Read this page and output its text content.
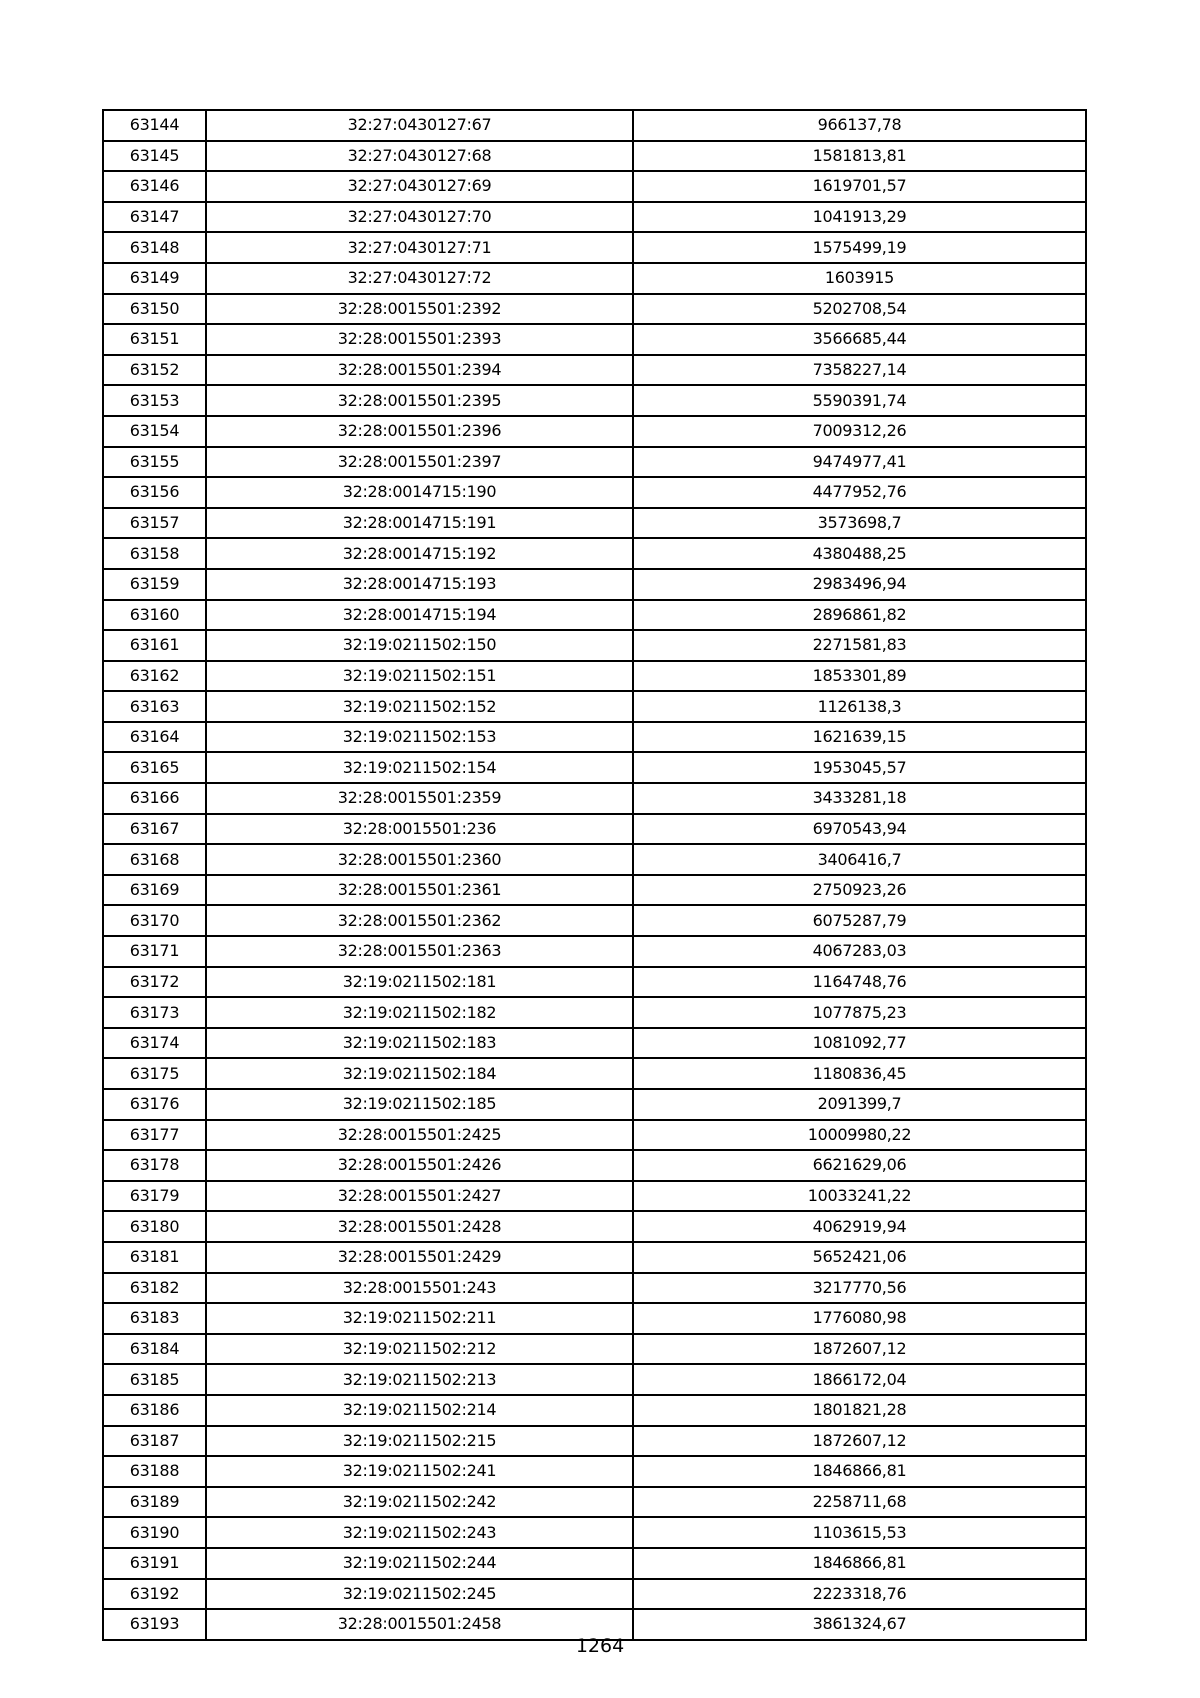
63144	32:27:0430127:67	966137,78
63145	32:27:0430127:68	1581813,81
63146	32:27:0430127:69	1619701,57
63147	32:27:0430127:70	1041913,29
63148	32:27:0430127:71	1575499,19
63149	32:27:0430127:72	1603915
63150	32:28:0015501:2392	5202708,54
63151	32:28:0015501:2393	3566685,44
63152	32:28:0015501:2394	7358227,14
63153	32:28:0015501:2395	5590391,74
63154	32:28:0015501:2396	7009312,26
63155	32:28:0015501:2397	9474977,41
63156	32:28:0014715:190	4477952,76
63157	32:28:0014715:191	3573698,7
63158	32:28:0014715:192	4380488,25
63159	32:28:0014715:193	2983496,94
63160	32:28:0014715:194	2896861,82
63161	32:19:0211502:150	2271581,83
63162	32:19:0211502:151	1853301,89
63163	32:19:0211502:152	1126138,3
63164	32:19:0211502:153	1621639,15
63165	32:19:0211502:154	1953045,57
63166	32:28:0015501:2359	3433281,18
63167	32:28:0015501:236	6970543,94
63168	32:28:0015501:2360	3406416,7
63169	32:28:0015501:2361	2750923,26
63170	32:28:0015501:2362	6075287,79
63171	32:28:0015501:2363	4067283,03
63172	32:19:0211502:181	1164748,76
63173	32:19:0211502:182	1077875,23
63174	32:19:0211502:183	1081092,77
63175	32:19:0211502:184	1180836,45
63176	32:19:0211502:185	2091399,7
63177	32:28:0015501:2425	10009980,22
63178	32:28:0015501:2426	6621629,06
63179	32:28:0015501:2427	10033241,22
63180	32:28:0015501:2428	4062919,94
63181	32:28:0015501:2429	5652421,06
63182	32:28:0015501:243	3217770,56
63183	32:19:0211502:211	1776080,98
63184	32:19:0211502:212	1872607,12
63185	32:19:0211502:213	1866172,04
63186	32:19:0211502:214	1801821,28
63187	32:19:0211502:215	1872607,12
63188	32:19:0211502:241	1846866,81
63189	32:19:0211502:242	2258711,68
63190	32:19:0211502:243	1103615,53
63191	32:19:0211502:244	1846866,81
63192	32:19:0211502:245	2223318,76
63193	32:28:0015501:2458	3861324,67
1264
